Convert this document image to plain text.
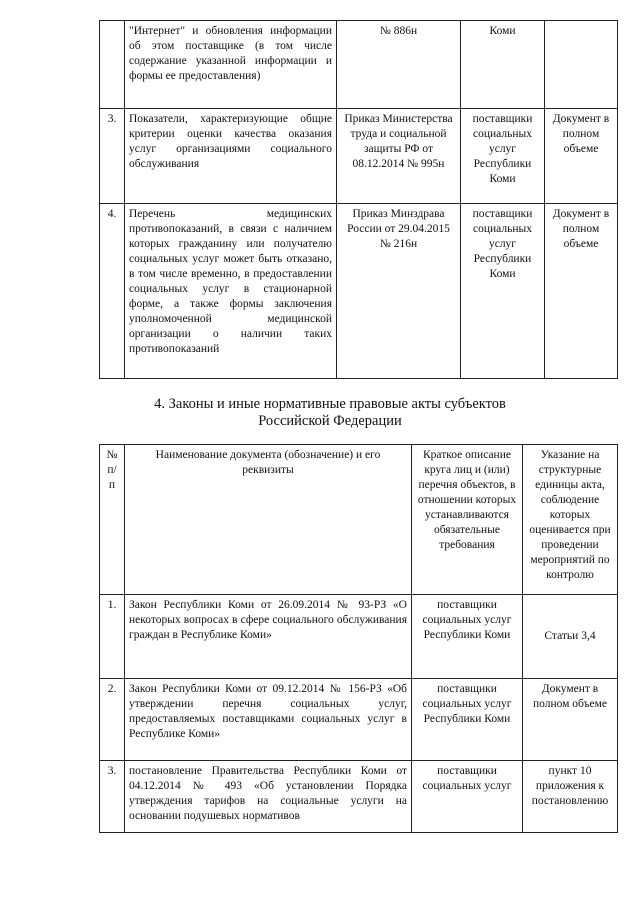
	"Интернет" и обновления информации об этом поставщике (в том числе содержание указанной информации и формы ее предоставления)	№ 886н	Коми	
3.	Показатели, характеризующие общие критерии оценки качества оказания услуг организациями социального обслуживания	Приказ Министерства труда и социальной защиты РФ от 08.12.2014 № 995н	поставщики социальных услуг Республики Коми	Документ в полном объеме
4.	Перечень медицинских противопоказаний, в связи с наличием которых гражданину или получателю социальных услуг может быть отказано, в том числе временно, в предоставлении социальных услуг в стационарной форме, а также формы заключения уполномоченной медицинской организации о наличии таких противопоказаний	Приказ Минздрава России от 29.04.2015 № 216н	поставщики социальных услуг Республики Коми	Документ в полном объеме
4. Законы и иные нормативные правовые акты субъектов
Российской Федерации
№ п/ п	Наименование документа (обозначение) и его реквизиты	Краткое описание круга лиц и (или) перечня объектов, в отношении которых устанавливаются обязательные требования	Указание на структурные единицы акта, соблюдение которых оценивается при проведении мероприятий по контролю
1.	Закон Республики Коми от 26.09.2014 № 93-РЗ «О некоторых вопросах в сфере социального обслуживания граждан в Республике Коми»	поставщики социальных услуг Республики Коми	Статьи 3,4
2.	Закон Республики Коми от 09.12.2014 № 156-РЗ «Об утверждении перечня социальных услуг, предоставляемых поставщиками социальных услуг в Республике Коми»	поставщики социальных услуг Республики Коми	Документ в полном объеме
3.	постановление Правительства Республики Коми от 04.12.2014 № 493 «Об установлении Порядка утверждения тарифов на социальные услуги на основании подушевых нормативов	поставщики социальных услуг	пункт 10 приложения к постановлению
